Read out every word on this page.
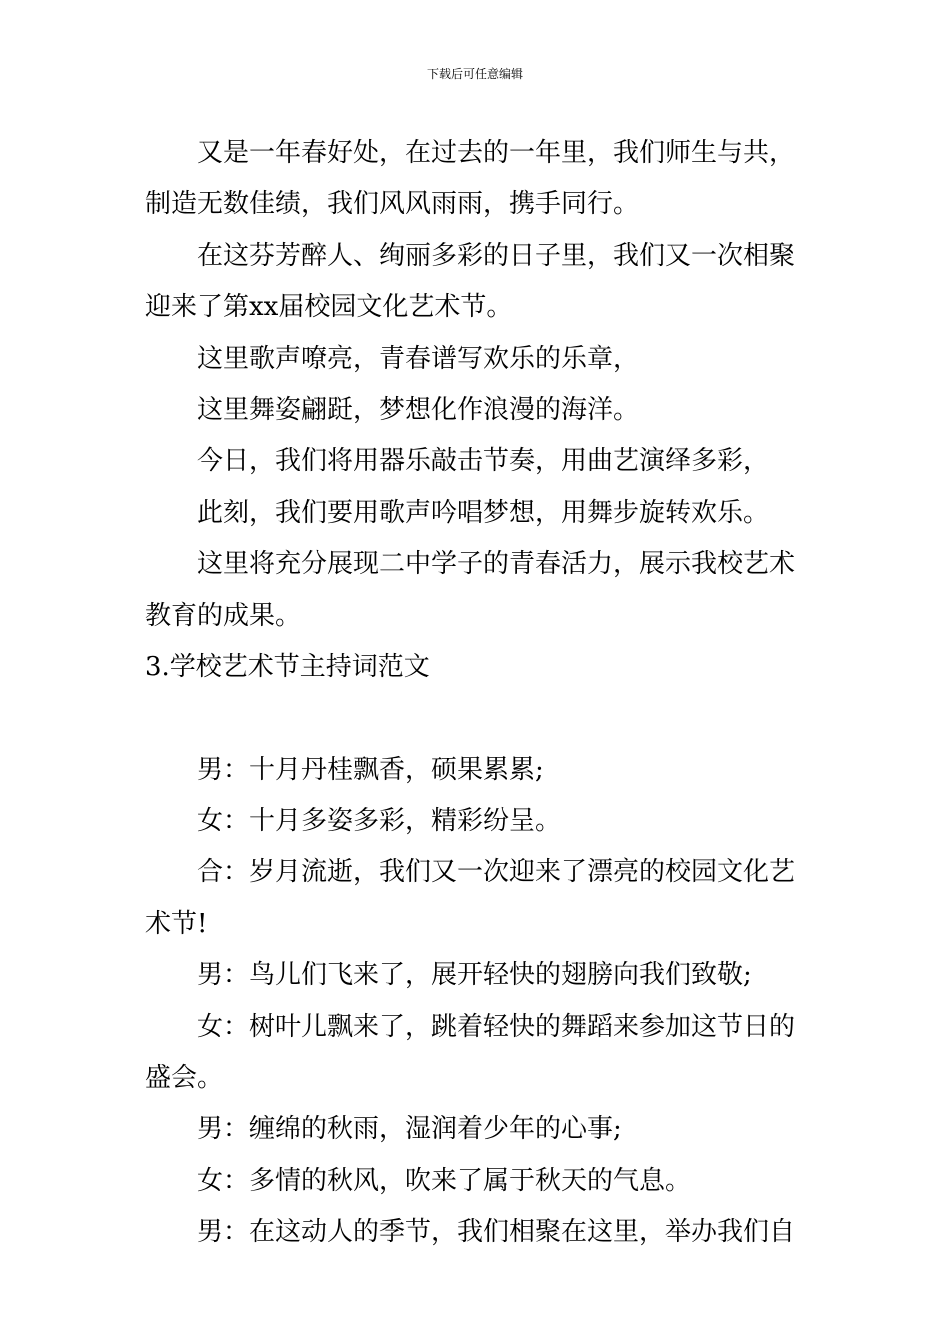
下载后可任意编辑
又是一年春好处，在过去的一年里，我们师生与共，
制造无数佳绩，我们风风雨雨，携手同行。
在这芬芳醉人、绚丽多彩的日子里，我们又一次相聚
迎来了第xx届校园文化艺术节。
这里歌声嘹亮，青春谱写欢乐的乐章，
这里舞姿翩跹，梦想化作浪漫的海洋。
今日，我们将用器乐敲击节奏，用曲艺演绎多彩，
此刻，我们要用歌声吟唱梦想，用舞步旋转欢乐。
这里将充分展现二中学子的青春活力，展示我校艺术
教育的成果。
3.学校艺术节主持词范文
男：十月丹桂飘香，硕果累累;
女：十月多姿多彩，精彩纷呈。
合：岁月流逝，我们又一次迎来了漂亮的校园文化艺
术节!
男：鸟儿们飞来了，展开轻快的翅膀向我们致敬;
女：树叶儿飘来了，跳着轻快的舞蹈来参加这节日的
盛会。
男：缠绵的秋雨，湿润着少年的心事;
女：多情的秋风，吹来了属于秋天的气息。
男：在这动人的季节，我们相聚在这里，举办我们自
